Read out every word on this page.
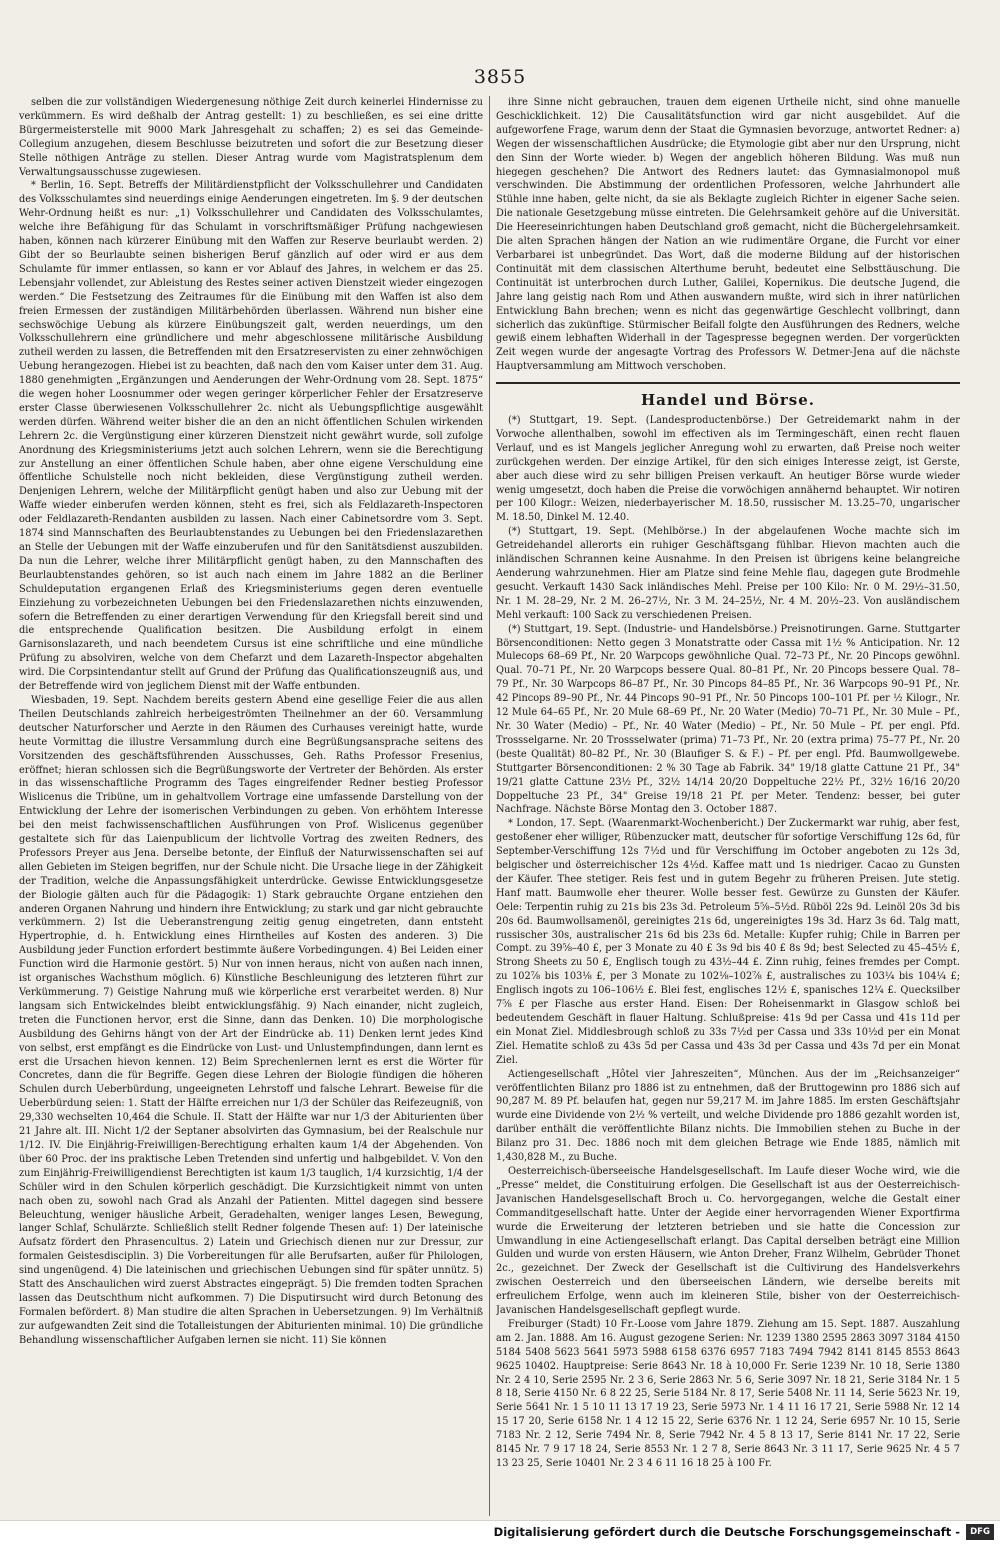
3855

selben die zur vollständigen Wiedergenesung nöthige Zeit durch keinerlei Hindernisse zu verkümmern. Es wird deßhalb der Antrag gestellt: 1) zu beschließen, es sei eine dritte Bürgermeisterstelle mit 9000 Mark Jahresgehalt zu schaffen; 2) es sei das Gemeinde-Collegium anzugehen, diesem Beschlusse beizutreten und sofort die zur Besetzung dieser Stelle nöthigen Anträge zu stellen. Dieser Antrag wurde vom Magistratsplenum dem Verwaltungsausschusse zugewiesen.

* Berlin, 16. Sept. Betreffs der Militärdienstpflicht der Volksschullehrer und Candidaten des Volksschulamtes sind neuerdings einige Aenderungen eingetreten. Im §. 9 der deutschen Wehr-Ordnung heißt es nur: „1) Volksschullehrer und Candidaten des Volksschulamtes, welche ihre Befähigung für das Schulamt in vorschriftsmäßiger Prüfung nachgewiesen haben, können nach kürzerer Einübung mit den Waffen zur Reserve beurlaubt werden. 2) Gibt der so Beurlaubte seinen bisherigen Beruf gänzlich auf oder wird er aus dem Schulamte für immer entlassen, so kann er vor Ablauf des Jahres, in welchem er das 25. Lebensjahr vollendet, zur Ableistung des Restes seiner activen Dienstzeit wieder eingezogen werden.“ Die Festsetzung des Zeitraumes für die Einübung mit den Waffen ist also dem freien Ermessen der zuständigen Militärbehörden überlassen. Während nun bisher eine sechswöchige Uebung als kürzere Einübungszeit galt, werden neuerdings, um den Volksschullehrern eine gründlichere und mehr abgeschlossene militärische Ausbildung zutheil werden zu lassen, die Betreffenden mit den Ersatzreservisten zu einer zehnwöchigen Uebung herangezogen. Hiebei ist zu beachten, daß nach den vom Kaiser unter dem 31. Aug. 1880 genehmigten „Ergänzungen und Aenderungen der Wehr-Ordnung vom 28. Sept. 1875“ die wegen hoher Loosnummer oder wegen geringer körperlicher Fehler der Ersatzreserve erster Classe überwiesenen Volksschullehrer 2c. nicht als Uebungspflichtige ausgewählt werden dürfen. Während weiter bisher die an den an nicht öffentlichen Schulen wirkenden Lehrern 2c. die Vergünstigung einer kürzeren Dienstzeit nicht gewährt wurde, soll zufolge Anordnung des Kriegsministeriums jetzt auch solchen Lehrern, wenn sie die Berechtigung zur Anstellung an einer öffentlichen Schule haben, aber ohne eigene Verschuldung eine öffentliche Schulstelle noch nicht bekleiden, diese Vergünstigung zutheil werden. Denjenigen Lehrern, welche der Militärpflicht genügt haben und also zur Uebung mit der Waffe wieder einberufen werden können, steht es frei, sich als Feldlazareth-Inspectoren oder Feldlazareth-Rendanten ausbilden zu lassen. Nach einer Cabinetsordre vom 3. Sept. 1874 sind Mannschaften des Beurlaubtenstandes zu Uebungen bei den Friedenslazarethen an Stelle der Uebungen mit der Waffe einzuberufen und für den Sanitätsdienst auszubilden. Da nun die Lehrer, welche ihrer Militärpflicht genügt haben, zu den Mannschaften des Beurlaubtenstandes gehören, so ist auch nach einem im Jahre 1882 an die Berliner Schuldeputation ergangenen Erlaß des Kriegsministeriums gegen deren eventuelle Einziehung zu vorbezeichneten Uebungen bei den Friedenslazarethen nichts einzuwenden, sofern die Betreffenden zu einer derartigen Verwendung für den Kriegsfall bereit sind und die entsprechende Qualification besitzen. Die Ausbildung erfolgt in einem Garnisonslazareth, und nach beendetem Cursus ist eine schriftliche und eine mündliche Prüfung zu absolviren, welche von dem Chefarzt und dem Lazareth-Inspector abgehalten wird. Die Corpsintendantur stellt auf Grund der Prüfung das Qualificationszeugniß aus, und der Betreffende wird von jeglichem Dienst mit der Waffe entbunden.

Wiesbaden, 19. Sept. Nachdem bereits gestern Abend eine gesellige Feier die aus allen Theilen Deutschlands zahlreich herbeigeströmten Theilnehmer an der 60. Versammlung deutscher Naturforscher und Aerzte in den Räumen des Curhauses vereinigt hatte, wurde heute Vormittag die illustre Versammlung durch eine Begrüßungsansprache seitens des Vorsitzenden des geschäftsführenden Ausschusses, Geh. Raths Professor Fresenius, eröffnet; hieran schlossen sich die Begrüßungsworte der Vertreter der Behörden. Als erster in das wissenschaftliche Programm des Tages eingreifender Redner bestieg Professor Wislicenus die Tribüne, um in gehaltvollem Vortrage eine umfassende Darstellung von der Entwicklung der Lehre der isomerischen Verbindungen zu geben. Von erhöhtem Interesse bei den meist fachwissenschaftlichen Ausführungen von Prof. Wislicenus gegenüber gestaltete sich für das Laienpublicum der lichtvolle Vortrag des zweiten Redners, des Professors Preyer aus Jena. Derselbe betonte, der Einfluß der Naturwissenschaften sei auf allen Gebieten im Steigen begriffen, nur der Schule nicht. Die Ursache liege in der Zähigkeit der Tradition, welche die Anpassungsfähigkeit unterdrücke. Gewisse Entwicklungsgesetze der Biologie gälten auch für die Pädagogik: 1) Stark gebrauchte Organe entziehen den anderen Organen Nahrung und hindern ihre Entwicklung; zu stark und gar nicht gebrauchte verkümmern. 2) Ist die Ueberanstrengung zeitig genug eingetreten, dann entsteht Hypertrophie, d. h. Entwicklung eines Hirntheiles auf Kosten des anderen. 3) Die Ausbildung jeder Function erfordert bestimmte äußere Vorbedingungen. 4) Bei Leiden einer Function wird die Harmonie gestört. 5) Nur von innen heraus, nicht von außen nach innen, ist organisches Wachsthum möglich. 6) Künstliche Beschleunigung des letzteren führt zur Verkümmerung. 7) Geistige Nahrung muß wie körperliche erst verarbeitet werden. 8) Nur langsam sich Entwickelndes bleibt entwicklungsfähig. 9) Nach einander, nicht zugleich, treten die Functionen hervor, erst die Sinne, dann das Denken. 10) Die morphologische Ausbildung des Gehirns hängt von der Art der Eindrücke ab. 11) Denken lernt jedes Kind von selbst, erst empfängt es die Eindrücke von Lust- und Unlustempfindungen, dann lernt es erst die Ursachen hievon kennen. 12) Beim Sprechenlernen lernt es erst die Wörter für Concretes, dann die für Begriffe. Gegen diese Lehren der Biologie fündigen die höheren Schulen durch Ueberbürdung, ungeeigneten Lehrstoff und falsche Lehrart. Beweise für die Ueberbürdung seien: 1. Statt der Hälfte erreichen nur 1/3 der Schüler das Reifezeugniß, von 29,330 wechselten 10,464 die Schule. II. Statt der Hälfte war nur 1/3 der Abiturienten über 21 Jahre alt. III. Nicht 1/2 der Septaner absolvirten das Gymnasium, bei der Realschule nur 1/12. IV. Die Einjährig-Freiwilligen-Berechtigung erhalten kaum 1/4 der Abgehenden. Von über 60 Proc. der ins praktische Leben Tretenden sind unfertig und halbgebildet. V. Von den zum Einjährig-Freiwilligendienst Berechtigten ist kaum 1/3 tauglich, 1/4 kurzsichtig, 1/4 der Schüler wird in den Schulen körperlich geschädigt. Die Kurzsichtigkeit nimmt von unten nach oben zu, sowohl nach Grad als Anzahl der Patienten. Mittel dagegen sind bessere Beleuchtung, weniger häusliche Arbeit, Geradehalten, weniger langes Lesen, Bewegung, langer Schlaf, Schulärzte. Schließlich stellt Redner folgende Thesen auf: 1) Der lateinische Aufsatz fördert den Phrasencultus. 2) Latein und Griechisch dienen nur zur Dressur, zur formalen Geistesdisciplin. 3) Die Vorbereitungen für alle Berufsarten, außer für Philologen, sind ungenügend. 4) Die lateinischen und griechischen Uebungen sind für später unnütz. 5) Statt des Anschaulichen wird zuerst Abstractes eingeprägt. 5) Die fremden todten Sprachen lassen das Deutschthum nicht aufkommen. 7) Die Disputirsucht wird durch Betonung des Formalen befördert. 8) Man studire die alten Sprachen in Uebersetzungen. 9) Im Verhältniß zur aufgewandten Zeit sind die Totalleistungen der Abiturienten minimal. 10) Die gründliche Behandlung wissenschaftlicher Aufgaben lernen sie nicht. 11) Sie können

ihre Sinne nicht gebrauchen, trauen dem eigenen Urtheile nicht, sind ohne manuelle Geschicklichkeit. 12) Die Causalitätsfunction wird gar nicht ausgebildet. Auf die aufgeworfene Frage, warum denn der Staat die Gymnasien bevorzuge, antwortet Redner: a) Wegen der wissenschaftlichen Ausdrücke; die Etymologie gibt aber nur den Ursprung, nicht den Sinn der Worte wieder. b) Wegen der angeblich höheren Bildung. Was muß nun hiegegen geschehen? Die Antwort des Redners lautet: das Gymnasialmonopol muß verschwinden. Die Abstimmung der ordentlichen Professoren, welche Jahrhundert alle Stühle inne haben, gelte nicht, da sie als Beklagte zugleich Richter in eigener Sache seien. Die nationale Gesetzgebung müsse eintreten. Die Gelehrsamkeit gehöre auf die Universität. Die Heereseinrichtungen haben Deutschland groß gemacht, nicht die Büchergelehrsamkeit. Die alten Sprachen hängen der Nation an wie rudimentäre Organe, die Furcht vor einer Verbarbarei ist unbegründet. Das Wort, daß die moderne Bildung auf der historischen Continuität mit dem classischen Alterthume beruht, bedeutet eine Selbsttäuschung. Die Continuität ist unterbrochen durch Luther, Galilei, Kopernikus. Die deutsche Jugend, die Jahre lang geistig nach Rom und Athen auswandern mußte, wird sich in ihrer natürlichen Entwicklung Bahn brechen; wenn es nicht das gegenwärtige Geschlecht vollbringt, dann sicherlich das zukünftige. Stürmischer Beifall folgte den Ausführungen des Redners, welche gewiß einem lebhaften Widerhall in der Tagespresse begegnen werden. Der vorgerückten Zeit wegen wurde der angesagte Vortrag des Professors W. Detmer-Jena auf die nächste Hauptversammlung am Mittwoch verschoben.

Handel und Börse.

(*) Stuttgart, 19. Sept. (Landesproductenbörse.) Der Getreidemarkt nahm in der Vorwoche allenthalben, sowohl im effectiven als im Termingeschäft, einen recht flauen Verlauf, und es ist Mangels jeglicher Anregung wohl zu erwarten, daß Preise noch weiter zurückgehen werden. Der einzige Artikel, für den sich einiges Interesse zeigt, ist Gerste, aber auch diese wird zu sehr billigen Preisen verkauft. An heutiger Börse wurde wieder wenig umgesetzt, doch haben die Preise die vorwöchigen annähernd behauptet. Wir notiren per 100 Kilogr.: Weizen, niederbayerischer M. 18.50, russischer M. 13.25–70, ungarischer M. 18.50, Dinkel M. 12.40.

(*) Stuttgart, 19. Sept. (Mehlbörse.) In der abgelaufenen Woche machte sich im Getreidehandel allerorts ein ruhiger Geschäftsgang fühlbar. Hievon machten auch die inländischen Schrannen keine Ausnahme. In den Preisen ist übrigens keine belangreiche Aenderung wahrzunehmen. Hier am Platze sind feine Mehle flau, dagegen gute Brodmehle gesucht. Verkauft 1430 Sack inländisches Mehl. Preise per 100 Kilo: Nr. 0 M. 29½–31.50, Nr. 1 M. 28–29, Nr. 2 M. 26–27½, Nr. 3 M. 24–25½, Nr. 4 M. 20½–23. Von ausländischem Mehl verkauft: 100 Sack zu verschiedenen Preisen.

(*) Stuttgart, 19. Sept. (Industrie- und Handelsbörse.) Preisnotirungen. Garne. Stuttgarter Börsenconditionen: Netto gegen 3 Monatstratte oder Cassa mit 1½ % Anticipation. Nr. 12 Mulecops 68–69 Pf., Nr. 20 Warpcops gewöhnliche Qual. 72–73 Pf., Nr. 20 Pincops gewöhnl. Qual. 70–71 Pf., Nr. 20 Warpcops bessere Qual. 80–81 Pf., Nr. 20 Pincops bessere Qual. 78–79 Pf., Nr. 30 Warpcops 86–87 Pf., Nr. 30 Pincops 84–85 Pf., Nr. 36 Warpcops 90–91 Pf., Nr. 42 Pincops 89–90 Pf., Nr. 44 Pincops 90–91 Pf., Nr. 50 Pincops 100–101 Pf. per ½ Kilogr., Nr. 12 Mule 64–65 Pf., Nr. 20 Mule 68–69 Pf., Nr. 20 Water (Medio) 70–71 Pf., Nr. 30 Mule – Pf., Nr. 30 Water (Medio) – Pf., Nr. 40 Water (Medio) – Pf., Nr. 50 Mule – Pf. per engl. Pfd. Trossselgarne. Nr. 20 Trossselwater (prima) 71–73 Pf., Nr. 20 (extra prima) 75–77 Pf., Nr. 20 (beste Qualität) 80–82 Pf., Nr. 30 (Blaufiger S. & F.) – Pf. per engl. Pfd. Baumwollgewebe. Stuttgarter Börsenconditionen: 2 % 30 Tage ab Fabrik. 34" 19/18 glatte Cattune 21 Pf., 34" 19/21 glatte Cattune 23½ Pf., 32½ 14/14 20/20 Doppeltuche 22½ Pf., 32½ 16/16 20/20 Doppeltuche 23 Pf., 34" Greise 19/18 21 Pf. per Meter. Tendenz: besser, bei guter Nachfrage. Nächste Börse Montag den 3. October 1887.

* London, 17. Sept. (Waarenmarkt-Wochenbericht.) Der Zuckermarkt war ruhig, aber fest, gestoßener eher williger, Rübenzucker matt, deutscher für sofortige Verschiffung 12s 6d, für September-Verschiffung 12s 7½d und für Verschiffung im October angeboten zu 12s 3d, belgischer und österreichischer 12s 4½d. Kaffee matt und 1s niedriger. Cacao zu Gunsten der Käufer. Thee stetiger. Reis fest und in gutem Begehr zu früheren Preisen. Jute stetig. Hanf matt. Baumwolle eher theurer. Wolle besser fest. Gewürze zu Gunsten der Käufer. Oele: Terpentin ruhig zu 21s bis 23s 3d. Petroleum 5⅝–5½d. Rüböl 22s 9d. Leinöl 20s 3d bis 20s 6d. Baumwollsamenöl, gereinigtes 21s 6d, ungereinigtes 19s 3d. Harz 3s 6d. Talg matt, russischer 30s, australischer 21s 6d bis 23s 6d. Metalle: Kupfer ruhig; Chile in Barren per Compt. zu 39⅝–40 £, per 3 Monate zu 40 £ 3s 9d bis 40 £ 8s 9d; best Selected zu 45–45½ £, Strong Sheets zu 50 £, Englisch tough zu 43½–44 £. Zinn ruhig, feines fremdes per Compt. zu 102⅞ bis 103⅛ £, per 3 Monate zu 102⅛–102⅞ £, australisches zu 103¼ bis 104¼ £; Englisch ingots zu 106–106½ £. Blei fest, englisches 12½ £, spanisches 12¼ £. Quecksilber 7⅝ £ per Flasche aus erster Hand. Eisen: Der Roheisenmarkt in Glasgow schloß bei bedeutendem Geschäft in flauer Haltung. Schlußpreise: 41s 9d per Cassa und 41s 11d per ein Monat Ziel. Middlesbrough schloß zu 33s 7½d per Cassa und 33s 10½d per ein Monat Ziel. Hematite schloß zu 43s 5d per Cassa und 43s 3d per Cassa und 43s 7d per ein Monat Ziel.

Actiengesellschaft „Hôtel vier Jahreszeiten“, München. Aus der im „Reichsanzeiger“ veröffentlichten Bilanz pro 1886 ist zu entnehmen, daß der Bruttogewinn pro 1886 sich auf 90,287 M. 89 Pf. belaufen hat, gegen nur 59,217 M. im Jahre 1885. Im ersten Geschäftsjahr wurde eine Dividende von 2½ % verteilt, und welche Dividende pro 1886 gezahlt worden ist, darüber enthält die veröffentlichte Bilanz nichts. Die Immobilien stehen zu Buche in der Bilanz pro 31. Dec. 1886 noch mit dem gleichen Betrage wie Ende 1885, nämlich mit 1,430,828 M., zu Buche.

Oesterreichisch-überseeische Handelsgesellschaft. Im Laufe dieser Woche wird, wie die „Presse“ meldet, die Constituirung erfolgen. Die Gesellschaft ist aus der Oesterreichisch-Javanischen Handelsgesellschaft Broch u. Co. hervorgegangen, welche die Gestalt einer Commanditgesellschaft hatte. Unter der Aegide einer hervorragenden Wiener Exportfirma wurde die Erweiterung der letzteren betrieben und sie hatte die Concession zur Umwandlung in eine Actiengesellschaft erlangt. Das Capital derselben beträgt eine Million Gulden und wurde von ersten Häusern, wie Anton Dreher, Franz Wilhelm, Gebrüder Thonet 2c., gezeichnet. Der Zweck der Gesellschaft ist die Cultivirung des Handelsverkehrs zwischen Oesterreich und den überseeischen Ländern, wie derselbe bereits mit erfreulichem Erfolge, wenn auch im kleineren Stile, bisher von der Oesterreichisch-Javanischen Handelsgesellschaft gepflegt wurde.

Freiburger (Stadt) 10 Fr.-Loose vom Jahre 1879. Ziehung am 15. Sept. 1887. Auszahlung am 2. Jan. 1888. Am 16. August gezogene Serien: Nr. 1239 1380 2595 2863 3097 3184 4150 5184 5408 5623 5641 5973 5988 6158 6376 6957 7183 7494 7942 8141 8145 8553 8643 9625 10402. Hauptpreise: Serie 8643 Nr. 18 à 10,000 Fr. Serie 1239 Nr. 10 18, Serie 1380 Nr. 2 4 10, Serie 2595 Nr. 2 3 6, Serie 2863 Nr. 5 6, Serie 3097 Nr. 18 21, Serie 3184 Nr. 1 5 8 18, Serie 4150 Nr. 6 8 22 25, Serie 5184 Nr. 8 17, Serie 5408 Nr. 11 14, Serie 5623 Nr. 19, Serie 5641 Nr. 1 5 10 11 13 17 19 23, Serie 5973 Nr. 1 4 11 16 17 21, Serie 5988 Nr. 12 14 15 17 20, Serie 6158 Nr. 1 4 12 15 22, Serie 6376 Nr. 1 12 24, Serie 6957 Nr. 10 15, Serie 7183 Nr. 2 12, Serie 7494 Nr. 8, Serie 7942 Nr. 4 5 8 13 17, Serie 8141 Nr. 17 22, Serie 8145 Nr. 7 9 17 18 24, Serie 8553 Nr. 1 2 7 8, Serie 8643 Nr. 3 11 17, Serie 9625 Nr. 4 5 7 13 23 25, Serie 10401 Nr. 2 3 4 6 11 16 18 25 à 100 Fr.

Digitalisierung gefördert durch die Deutsche Forschungsgemeinschaft -	DFG
